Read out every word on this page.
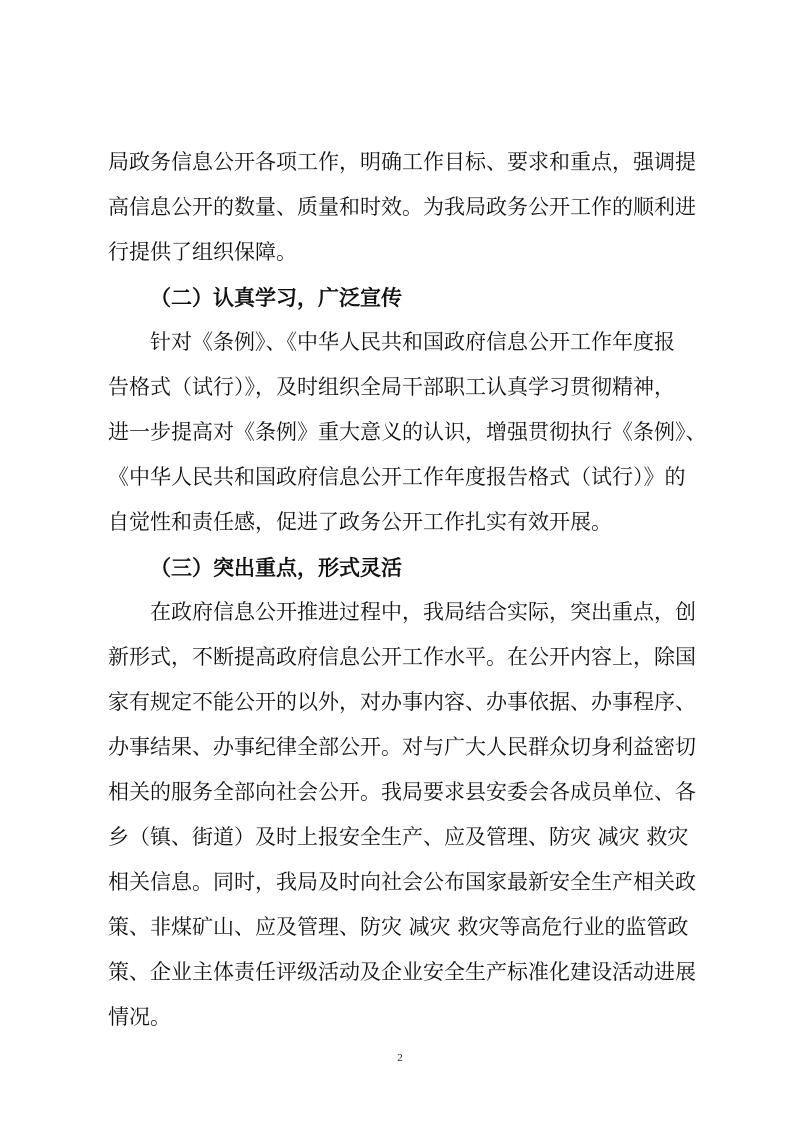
局政务信息公开各项工作，明确工作目标、要求和重点，强调提
高信息公开的数量、质量和时效。为我局政务公开工作的顺利进
行提供了组织保障。
（二）认真学习，广泛宣传
针对《条例》、《中华人民共和国政府信息公开工作年度报
告格式（试行）》，及时组织全局干部职工认真学习贯彻精神，
进一步提高对《条例》重大意义的认识，增强贯彻执行《条例》、
《中华人民共和国政府信息公开工作年度报告格式（试行）》的
自觉性和责任感，促进了政务公开工作扎实有效开展。
（三）突出重点，形式灵活
在政府信息公开推进过程中，我局结合实际，突出重点，创
新形式，不断提高政府信息公开工作水平。在公开内容上，除国
家有规定不能公开的以外，对办事内容、办事依据、办事程序、
办事结果、办事纪律全部公开。对与广大人民群众切身利益密切
相关的服务全部向社会公开。我局要求县安委会各成员单位、各
乡（镇、街道）及时上报安全生产、应及管理、防灾 减灾 救灾
相关信息。同时，我局及时向社会公布国家最新安全生产相关政
策、非煤矿山、应及管理、防灾 减灾 救灾等高危行业的监管政
策、企业主体责任评级活动及企业安全生产标准化建设活动进展
情况。
2
